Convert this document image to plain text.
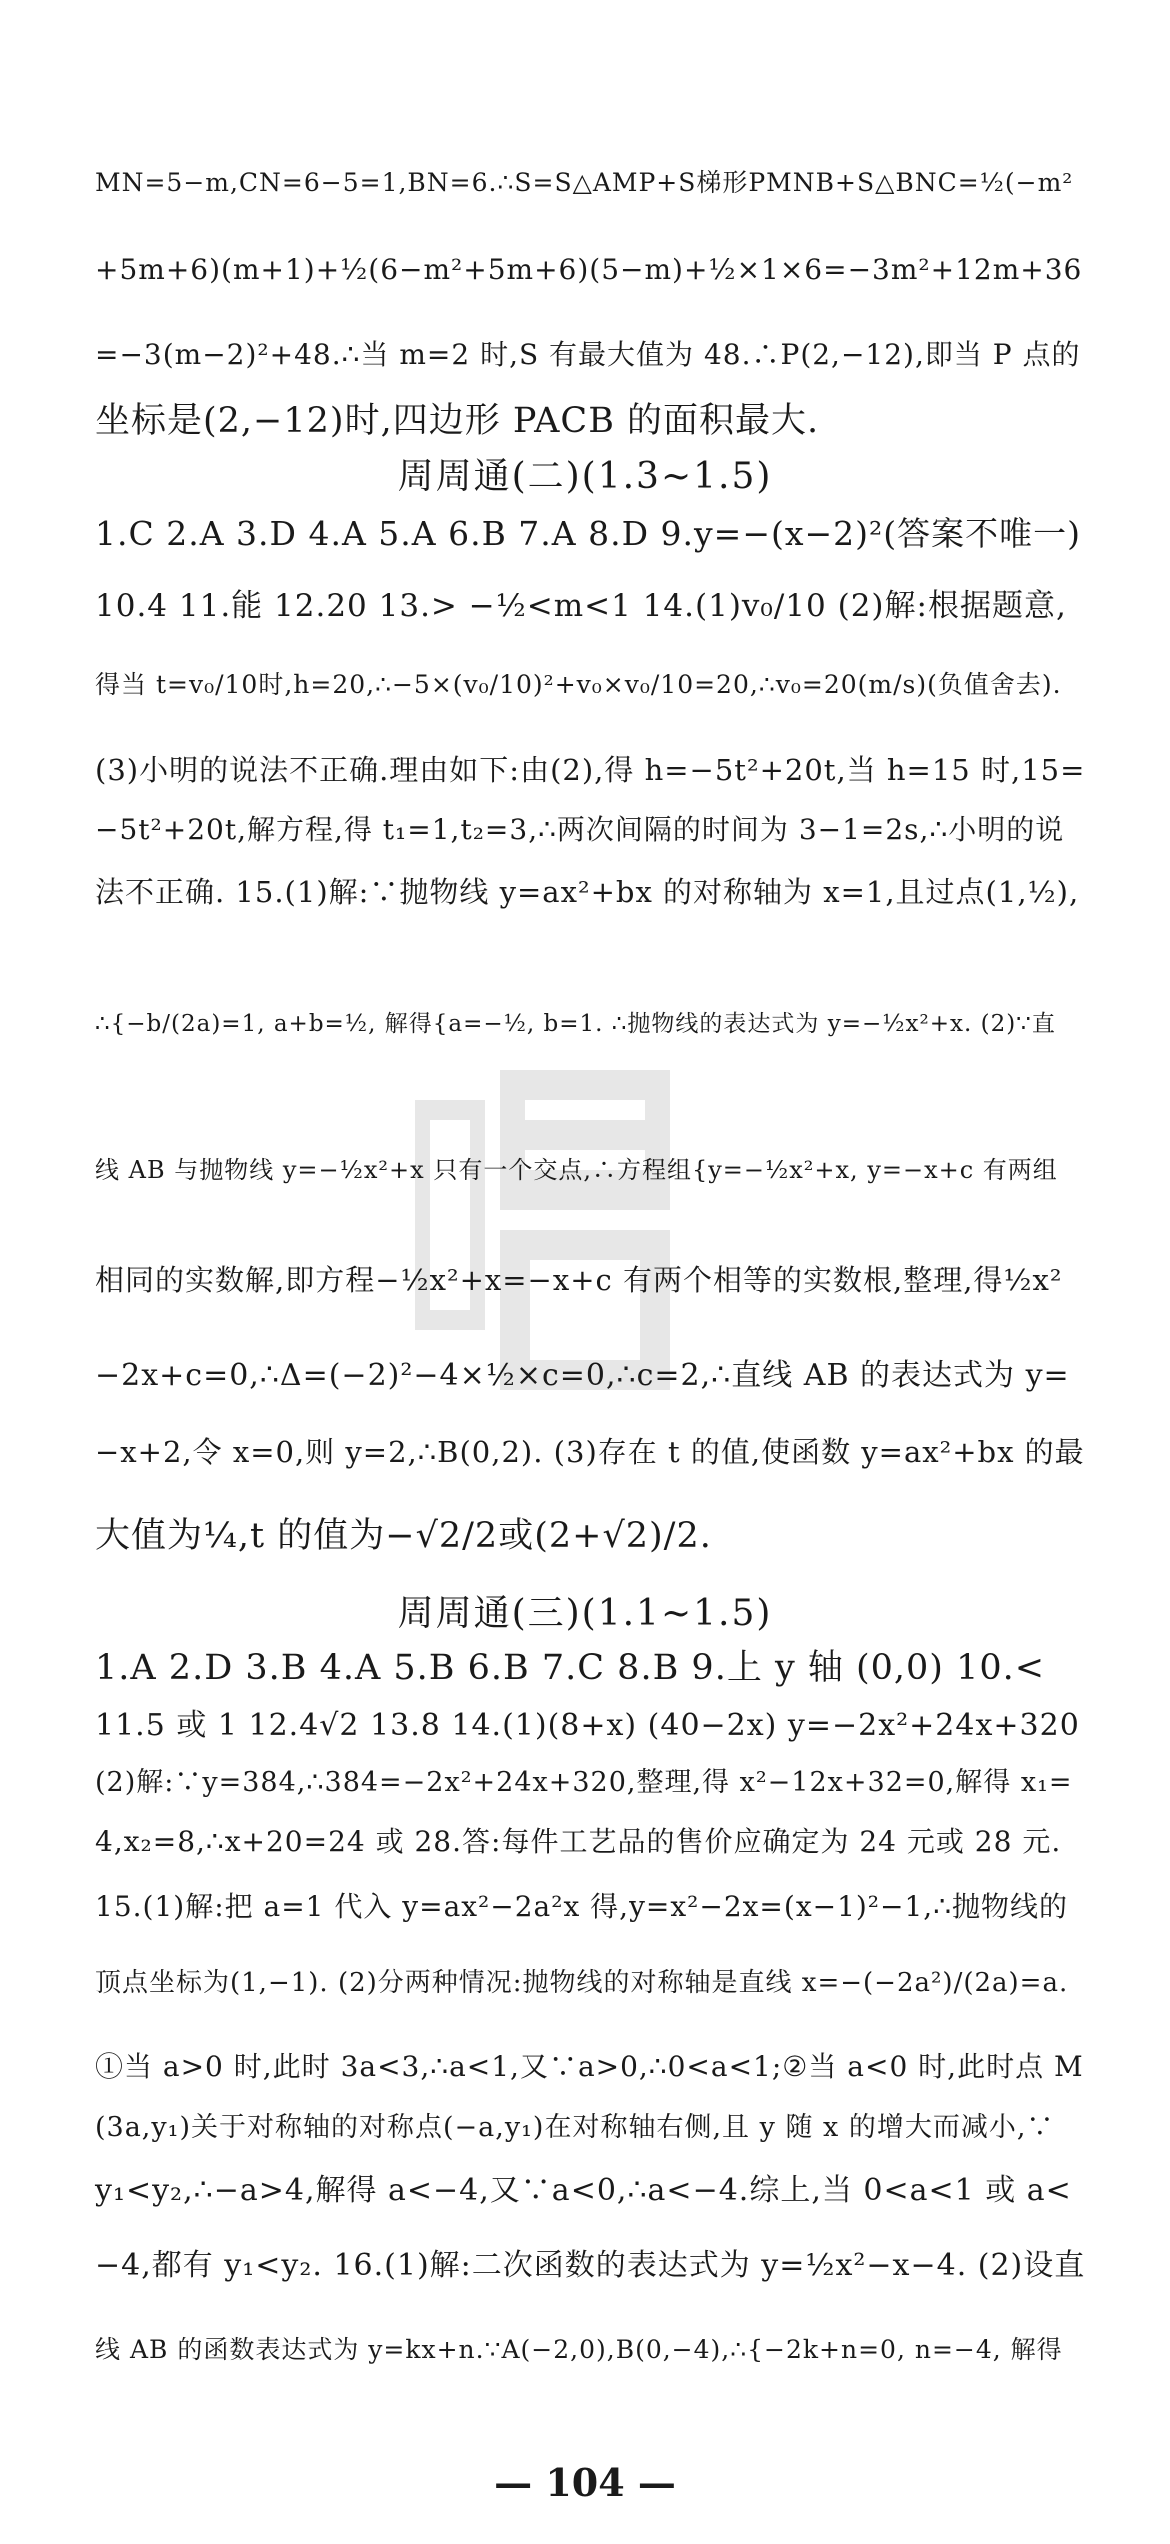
MN=5−m,CN=6−5=1,BN=6.∴S=S△AMP+S梯形PMNB+S△BNC=½(−m²
+5m+6)(m+1)+½(6−m²+5m+6)(5−m)+½×1×6=−3m²+12m+36
=−3(m−2)²+48.∴当 m=2 时,S 有最大值为 48.∴P(2,−12),即当 P 点的
坐标是(2,−12)时,四边形 PACB 的面积最大.
周周通(二)(1.3~1.5)
1.C 2.A 3.D 4.A 5.A 6.B 7.A 8.D 9.y=−(x−2)²(答案不唯一)
10.4 11.能 12.20 13.> −½<m<1 14.(1)v₀/10 (2)解:根据题意,
得当 t=v₀/10时,h=20,∴−5×(v₀/10)²+v₀×v₀/10=20,∴v₀=20(m/s)(负值舍去).
(3)小明的说法不正确.理由如下:由(2),得 h=−5t²+20t,当 h=15 时,15=
−5t²+20t,解方程,得 t₁=1,t₂=3,∴两次间隔的时间为 3−1=2s,∴小明的说
法不正确. 15.(1)解:∵抛物线 y=ax²+bx 的对称轴为 x=1,且过点(1,½),
∴{−b/(2a)=1, a+b=½, 解得{a=−½, b=1. ∴抛物线的表达式为 y=−½x²+x. (2)∵直
线 AB 与抛物线 y=−½x²+x 只有一个交点,∴方程组{y=−½x²+x, y=−x+c 有两组
相同的实数解,即方程−½x²+x=−x+c 有两个相等的实数根,整理,得½x²
−2x+c=0,∴Δ=(−2)²−4×½×c=0,∴c=2,∴直线 AB 的表达式为 y=
−x+2,令 x=0,则 y=2,∴B(0,2). (3)存在 t 的值,使函数 y=ax²+bx 的最
大值为¼,t 的值为−√2/2或(2+√2)/2.
周周通(三)(1.1~1.5)
1.A 2.D 3.B 4.A 5.B 6.B 7.C 8.B 9.上 y 轴 (0,0) 10.<
11.5 或 1 12.4√2 13.8 14.(1)(8+x) (40−2x) y=−2x²+24x+320
(2)解:∵y=384,∴384=−2x²+24x+320,整理,得 x²−12x+32=0,解得 x₁=
4,x₂=8,∴x+20=24 或 28.答:每件工艺品的售价应确定为 24 元或 28 元.
15.(1)解:把 a=1 代入 y=ax²−2a²x 得,y=x²−2x=(x−1)²−1,∴抛物线的
顶点坐标为(1,−1). (2)分两种情况:抛物线的对称轴是直线 x=−(−2a²)/(2a)=a.
①当 a>0 时,此时 3a<3,∴a<1,又∵a>0,∴0<a<1;②当 a<0 时,此时点 M
(3a,y₁)关于对称轴的对称点(−a,y₁)在对称轴右侧,且 y 随 x 的增大而减小,∵
y₁<y₂,∴−a>4,解得 a<−4,又∵a<0,∴a<−4.综上,当 0<a<1 或 a<
−4,都有 y₁<y₂. 16.(1)解:二次函数的表达式为 y=½x²−x−4. (2)设直
线 AB 的函数表达式为 y=kx+n.∵A(−2,0),B(0,−4),∴{−2k+n=0, n=−4, 解得
— 104 —
